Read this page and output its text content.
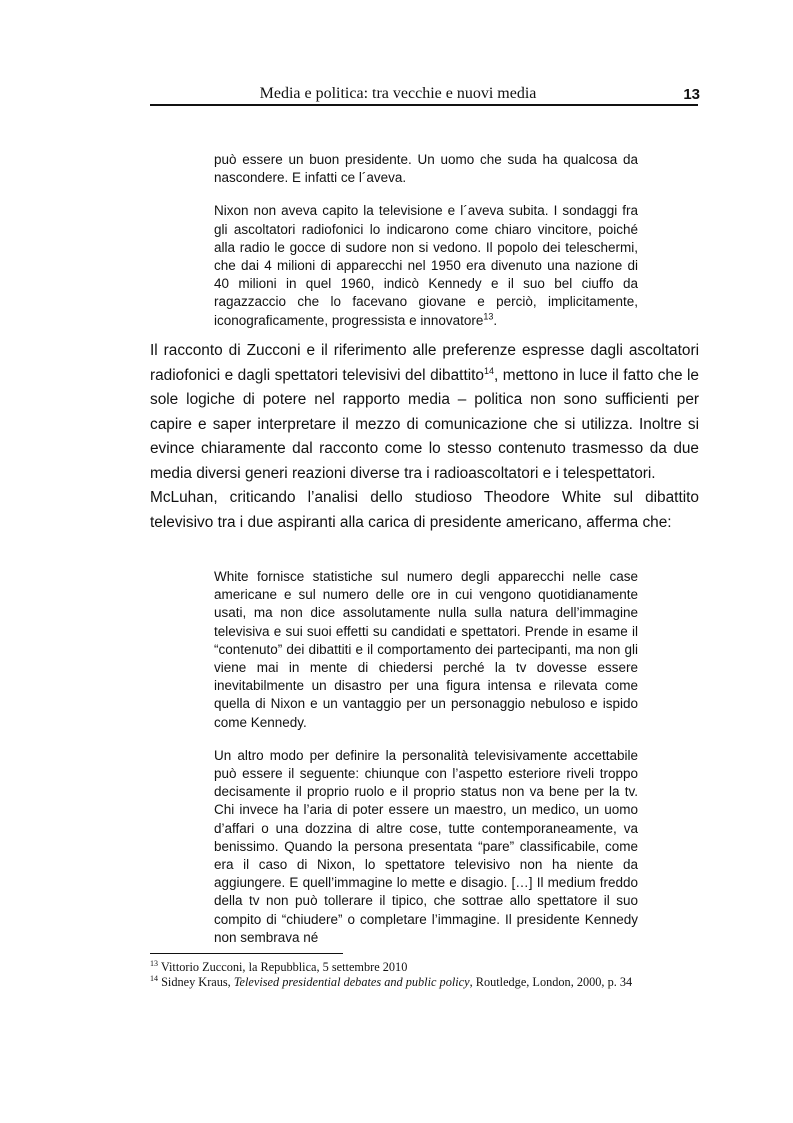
Media e politica: tra vecchie e nuovi media	13

può essere un buon presidente. Un uomo che suda ha qualcosa da nascondere. E infatti ce l´aveva.

Nixon non aveva capito la televisione e l´aveva subita. I sondaggi fra gli ascoltatori radiofonici lo indicarono come chiaro vincitore, poiché alla radio le gocce di sudore non si vedono. Il popolo dei teleschermi, che dai 4 milioni di apparecchi nel 1950 era divenuto una nazione di 40 milioni in quel 1960, indicò Kennedy e il suo bel ciuffo da ragazzaccio che lo facevano giovane e perciò, implicitamente, iconograficamente, progressista e innovatore$^{13}$.

Il racconto di Zucconi e il riferimento alle preferenze espresse dagli ascoltatori radiofonici e dagli spettatori televisivi del dibattito$^{14}$, mettono in luce il fatto che le sole logiche di potere nel rapporto media – politica non sono sufficienti per capire e saper interpretare il mezzo di comunicazione che si utilizza. Inoltre si evince chiaramente dal racconto come lo stesso contenuto trasmesso da due media diversi generi reazioni diverse tra i radioascoltatori e i telespettatori.

McLuhan, criticando l’analisi dello studioso Theodore White sul dibattito televisivo tra i due aspiranti alla carica di presidente americano, afferma che:

White fornisce statistiche sul numero degli apparecchi nelle case americane e sul numero delle ore in cui vengono quotidianamente usati, ma non dice assolutamente nulla sulla natura dell’immagine televisiva e sui suoi effetti su candidati e spettatori. Prende in esame il “contenuto” dei dibattiti e il comportamento dei partecipanti, ma non gli viene mai in mente di chiedersi perché la tv dovesse essere inevitabilmente un disastro per una figura intensa e rilevata come quella di Nixon e un vantaggio per un personaggio nebuloso e ispido come Kennedy.

Un altro modo per definire la personalità televisivamente accettabile può essere il seguente: chiunque con l’aspetto esteriore riveli troppo decisamente il proprio ruolo e il proprio status non va bene per la tv. Chi invece ha l’aria di poter essere un maestro, un medico, un uomo d’affari o una dozzina di altre cose, tutte contemporaneamente, va benissimo. Quando la persona presentata “pare” classificabile, come era il caso di Nixon, lo spettatore televisivo non ha niente da aggiungere. E quell’immagine lo mette e disagio. […] Il medium freddo della tv non può tollerare il tipico, che sottrae allo spettatore il suo compito di “chiudere” o completare l’immagine. Il presidente Kennedy non sembrava né

$^{13}$ Vittorio Zucconi, la Repubblica, 5 settembre 2010
$^{14}$ Sidney Kraus, Televised presidential debates and public policy, Routledge, London, 2000, p. 34
